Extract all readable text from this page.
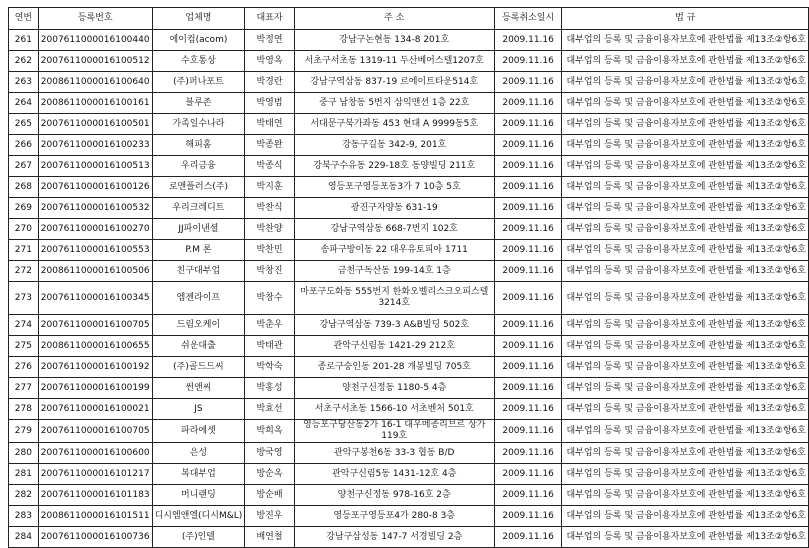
연번	등록번호	업체명	대표자	주 소	등록취소일시	법 규
261	2007611000016100440	에이컴(acom)	박정연	강남구논현동 134-8 201호	2009.11.16	대부업의 등록 및 금융이용자보호에 관한법률 제13조②항6호
262	2007611000016100512	수호통상	박영옥	서초구서초동 1319-11 두산베어스텔1207호	2009.11.16	대부업의 등록 및 금융이용자보호에 관한법률 제13조②항6호
263	2008611000016100640	(주)퍼나포트	박경란	강남구역삼동 837-19 르에이트타운514호	2009.11.16	대부업의 등록 및 금융이용자보호에 관한법률 제13조②항6호
264	2008611000016100161	블루존	박영범	중구 남창동 5번지 삼익맨션 1층 22호	2009.11.16	대부업의 등록 및 금융이용자보호에 관한법률 제13조②항6호
265	2007611000016100501	가족일수나라	박태연	서대문구북가좌동 453 현대 A 9999동5호	2009.11.16	대부업의 등록 및 금융이용자보호에 관한법률 제13조②항6호
266	2007611000016100233	해피홈	박종완	강동구길동 342-9, 201호	2009.11.16	대부업의 등록 및 금융이용자보호에 관한법률 제13조②항6호
267	2007611000016100513	우리금융	박종식	강북구수유동 229-18호 동양빌딩 211호	2009.11.16	대부업의 등록 및 금융이용자보호에 관한법률 제13조②항6호
268	2007611000016100126	로맨플러스(주)	박지훈	영등포구영등포동3가 7 10층 5호	2009.11.16	대부업의 등록 및 금융이용자보호에 관한법률 제13조②항6호
269	2007611000016100532	우리크레디트	박찬식	광진구자양동 631-19	2009.11.16	대부업의 등록 및 금융이용자보호에 관한법률 제13조②항6호
270	2007611000016100270	JJ파이낸셜	박찬양	강남구역삼동 668-7번지 102호	2009.11.16	대부업의 등록 및 금융이용자보호에 관한법률 제13조②항6호
271	2007611000016100553	P.M 론	박찬민	송파구방이동 22 대우유토피아 1711	2009.11.16	대부업의 등록 및 금융이용자보호에 관한법률 제13조②항6호
272	2008611000016100506	친구대부업	박창진	금천구독산동 199-14호 1층	2009.11.16	대부업의 등록 및 금융이용자보호에 관한법률 제13조②항6호
273	2007611000016100345	엠젠라이프	박창수	마포구도화동 555번지 한화오벨리스크오피스텔 3214호	2009.11.16	대부업의 등록 및 금융이용자보호에 관한법률 제13조②항6호
274	2007611000016100705	드림오케이	박춘우	강남구역삼동 739-3 A&B빌딩 502호	2009.11.16	대부업의 등록 및 금융이용자보호에 관한법률 제13조②항6호
275	2008611000016100655	쉬운대출	박태관	관악구신림동 1421-29 212호	2009.11.16	대부업의 등록 및 금융이용자보호에 관한법률 제13조②항6호
276	2007611000016100192	(주)골드드씨	박학숙	종로구숭인동 201-28 개봉빌딩 705호	2009.11.16	대부업의 등록 및 금융이용자보호에 관한법률 제13조②항6호
277	2007611000016100199	썬앤씨	박홍성	양천구신정동 1180-5 4층	2009.11.16	대부업의 등록 및 금융이용자보호에 관한법률 제13조②항6호
278	2007611000016100021	JS	박효선	서초구서초동 1566-10 서초벤처 501호	2009.11.16	대부업의 등록 및 금융이용자보호에 관한법률 제13조②항6호
279	2007611000016100705	파라에셋	박희옥	영등포구당산동2가 16-1 대우메종리브르 상가 119호	2009.11.16	대부업의 등록 및 금융이용자보호에 관한법률 제13조②항6호
280	2007611000016100600	은성	방국영	관악구봉천6동 33-3 협동 B/D	2009.11.16	대부업의 등록 및 금융이용자보호에 관한법률 제13조②항6호
281	2007611000016101217	복대부업	방순옥	관악구신림5동 1431-12호 4층	2009.11.16	대부업의 등록 및 금융이용자보호에 관한법률 제13조②항6호
282	2007611000016101183	머니랜딩	방순배	양천구신정동 978-16호 2층	2009.11.16	대부업의 등록 및 금융이용자보호에 관한법률 제13조②항6호
283	2008611000016101511	디시엠앤엘(디시M&L)	방진우	영등포구영등포4가 280-8 3층	2009.11.16	대부업의 등록 및 금융이용자보호에 관한법률 제13조②항6호
284	2007611000016100736	(주)인텔	배연철	강남구삼성동 147-7 서경빌딩 2층	2009.11.16	대부업의 등록 및 금융이용자보호에 관한법률 제13조②항6호
